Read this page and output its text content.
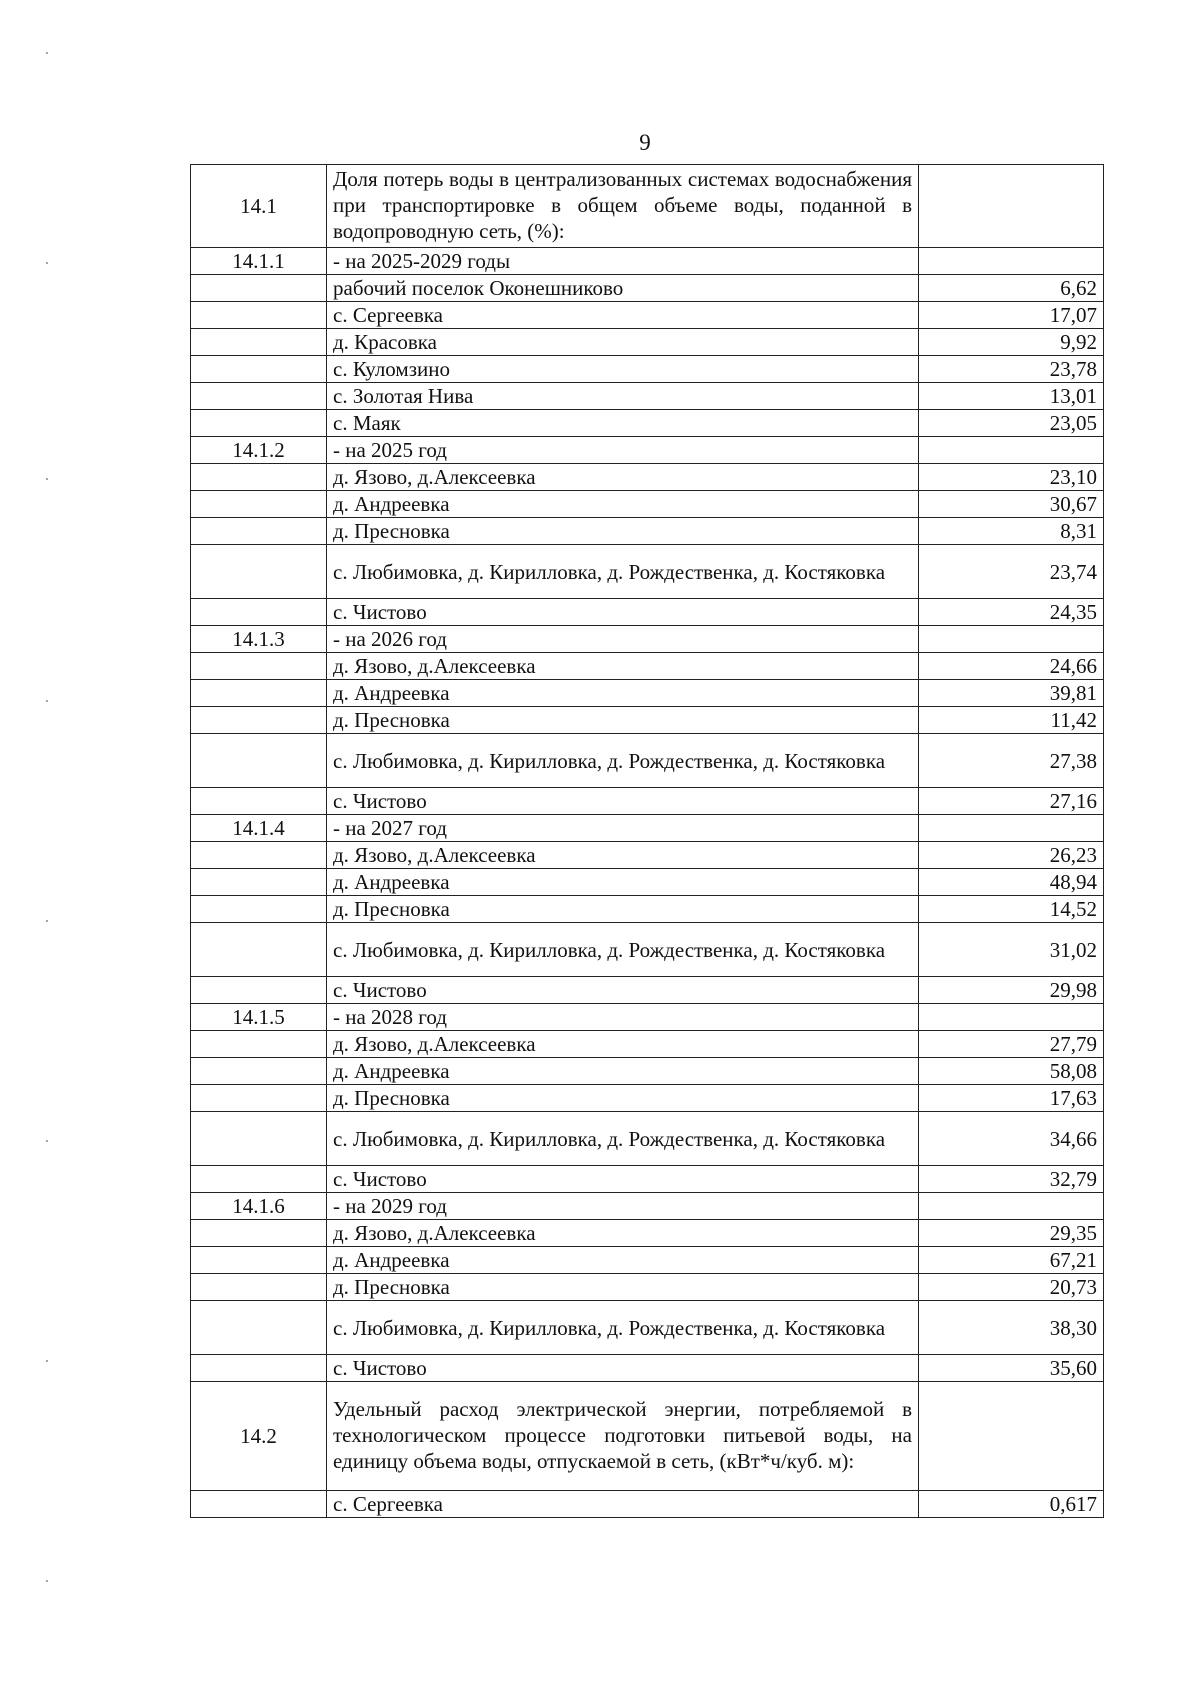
9
14.1	Доля потерь воды в централизованных системах водоснабжения при транспортировке в общем объеме воды, поданной в водопроводную сеть, (%):	
14.1.1	- на 2025-2029 годы	
	рабочий поселок Оконешниково	6,62
	с. Сергеевка	17,07
	д. Красовка	9,92
	с. Куломзино	23,78
	с. Золотая Нива	13,01
	с. Маяк	23,05
14.1.2	- на 2025 год	
	д. Язово, д.Алексеевка	23,10
	д. Андреевка	30,67
	д. Пресновка	8,31
	с. Любимовка, д. Кирилловка, д. Рождественка, д. Костяковка	23,74
	с. Чистово	24,35
14.1.3	- на 2026 год	
	д. Язово, д.Алексеевка	24,66
	д. Андреевка	39,81
	д. Пресновка	11,42
	с. Любимовка, д. Кирилловка, д. Рождественка, д. Костяковка	27,38
	с. Чистово	27,16
14.1.4	- на 2027 год	
	д. Язово, д.Алексеевка	26,23
	д. Андреевка	48,94
	д. Пресновка	14,52
	с. Любимовка, д. Кирилловка, д. Рождественка, д. Костяковка	31,02
	с. Чистово	29,98
14.1.5	- на 2028 год	
	д. Язово, д.Алексеевка	27,79
	д. Андреевка	58,08
	д. Пресновка	17,63
	с. Любимовка, д. Кирилловка, д. Рождественка, д. Костяковка	34,66
	с. Чистово	32,79
14.1.6	- на 2029 год	
	д. Язово, д.Алексеевка	29,35
	д. Андреевка	67,21
	д. Пресновка	20,73
	с. Любимовка, д. Кирилловка, д. Рождественка, д. Костяковка	38,30
	с. Чистово	35,60
14.2	Удельный расход электрической энергии, потребляемой в технологическом процессе подготовки питьевой воды, на единицу объема воды, отпускаемой в сеть, (кВт*ч/куб. м):	
	с. Сергеевка	0,617
